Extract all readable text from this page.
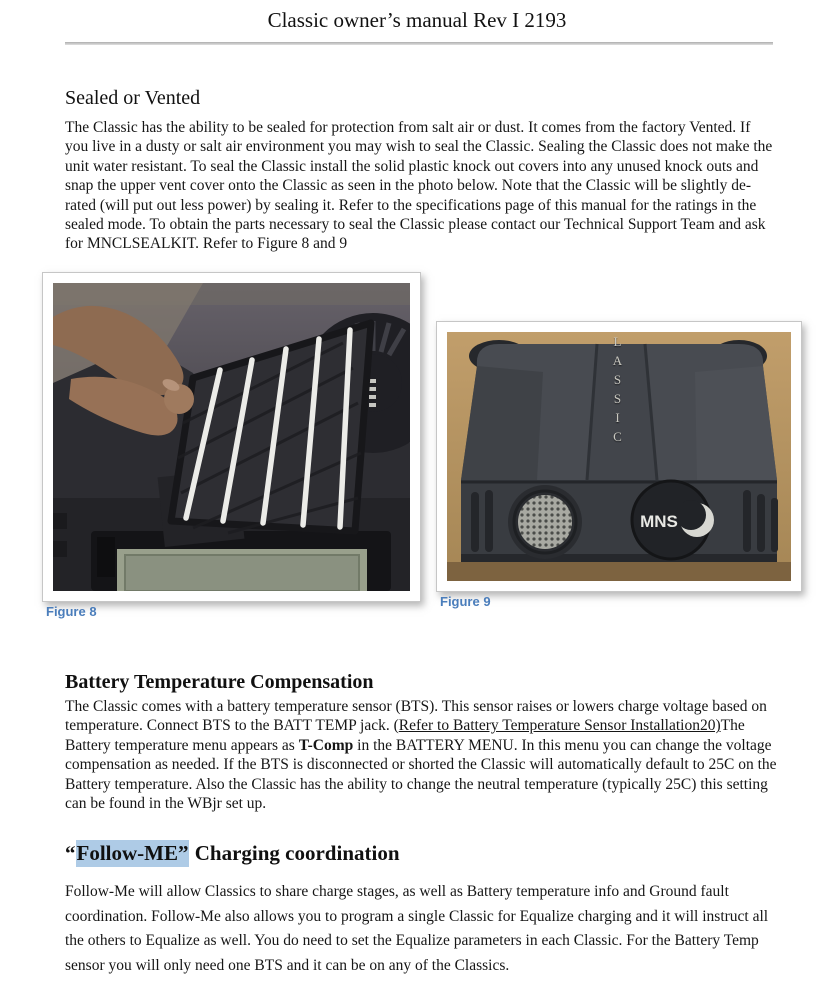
Classic owner’s manual Rev I 2193
Sealed or Vented

The Classic has the ability to be sealed for protection from salt air or dust. It comes from the factory Vented. If you live in a dusty or salt air environment you may wish to seal the Classic. Sealing the Classic does not make the unit water resistant. To seal the Classic install the solid plastic knock out covers into any unused knock outs and snap the upper vent cover onto the Classic as seen in the photo below. Note that the Classic will be slightly de-rated (will put out less power) by sealing it. Refer to the specifications page of this manual for the ratings in the sealed mode. To obtain the parts necessary to seal the Classic please contact our Technical Support Team and ask for MNCLSEALKIT. Refer to Figure 8 and 9

Figure 8
MNS
LASSIC
Figure 9
Battery Temperature Compensation

The Classic comes with a battery temperature sensor (BTS). This sensor raises or lowers charge voltage based on temperature. Connect BTS to the BATT TEMP jack. (Refer to Battery Temperature Sensor Installation20)The Battery temperature menu appears as T-Comp in the BATTERY MENU. In this menu you can change the voltage compensation as needed. If the BTS is disconnected or shorted the Classic will automatically default to 25C on the Battery temperature. Also the Classic has the ability to change the neutral temperature (typically 25C) this setting can be found in the WBjr set up.

“Follow-ME” Charging coordination

Follow-Me will allow Classics to share charge stages, as well as Battery temperature info and Ground fault coordination. Follow-Me also allows you to program a single Classic for Equalize charging and it will instruct all the others to Equalize as well. You do need to set the Equalize parameters in each Classic. For the Battery Temp sensor you will only need one BTS and it can be on any of the Classics.
